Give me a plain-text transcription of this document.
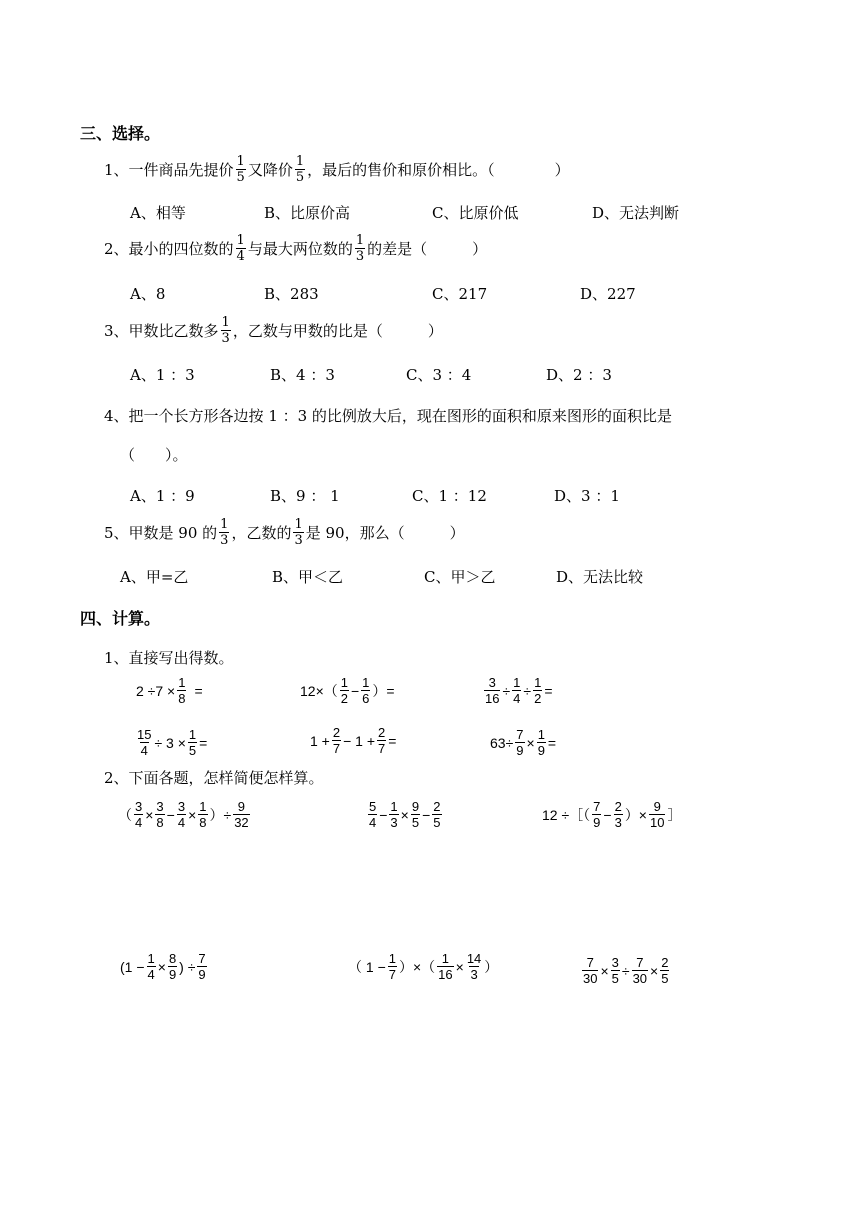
三、选择。
1、一件商品先提价 $\frac{1}{5}$ 又降价 $\frac{1}{5}$ ，最后的售价和原价相比。（　　　　）
A、相等	B、比原价高	C、比原价低	D、无法判断
2、最小的四位数的 $\frac{1}{4}$ 与最大两位数的 $\frac{1}{3}$ 的差是（　　　）
A、8	B、283	C、217	D、227
3、甲数比乙数多 $\frac{1}{3}$ ，乙数与甲数的比是（　　　）
A、1 ：3	B、4 ：3	C、3 ：4	D、2 ：3
4、把一个长方形各边按 1 ：3 的比例放大后，现在图形的面积和原来图形的面积比是
（　　）。
A、1 ：9	B、9 ： 1	C、1 ：12	D、3 ：1
5、甲数是 90 的 $\frac{1}{3}$ ，乙数的 $\frac{1}{3}$ 是 90，那么（　　　）
A、甲=乙	B、甲＜乙	C、甲＞乙	D、无法比较
四、计算。
1、直接写出得数。
$2 \div 7 \times \frac{1}{8}$ =	$12\times( \frac{1}{2} - \frac{1}{6}$ ）=	$\frac{3}{16} \div \frac{1}{4} \div \frac{1}{2}$ =
$\frac{15}{4} \div 3 \times \frac{1}{5}$ =	$1 + \frac{2}{7} - 1 + \frac{2}{7}$ =	$63\div \frac{7}{9} \times \frac{1}{9}$ =
2、下面各题，怎样简便怎样算。
（ $\frac{3}{4} \times \frac{3}{8} - \frac{3}{4} \times \frac{1}{8}$ ）÷ $\frac{9}{32}$	$\frac{5}{4} - \frac{1}{3} \times \frac{9}{5} - \frac{2}{5}$	12 ÷［（ $\frac{7}{9} - \frac{2}{3}$ ）× $\frac{9}{10}$ ］
($1 - \frac{1}{4} \times \frac{8}{9}$ ) ÷ $\frac{7}{9}$	（ $1 - \frac{1}{7}$ ）×（ $\frac{1}{16} \times \frac{14}{3}$ ）	$\frac{7}{30} \times \frac{3}{5} \div \frac{7}{30} \times \frac{2}{5}$
